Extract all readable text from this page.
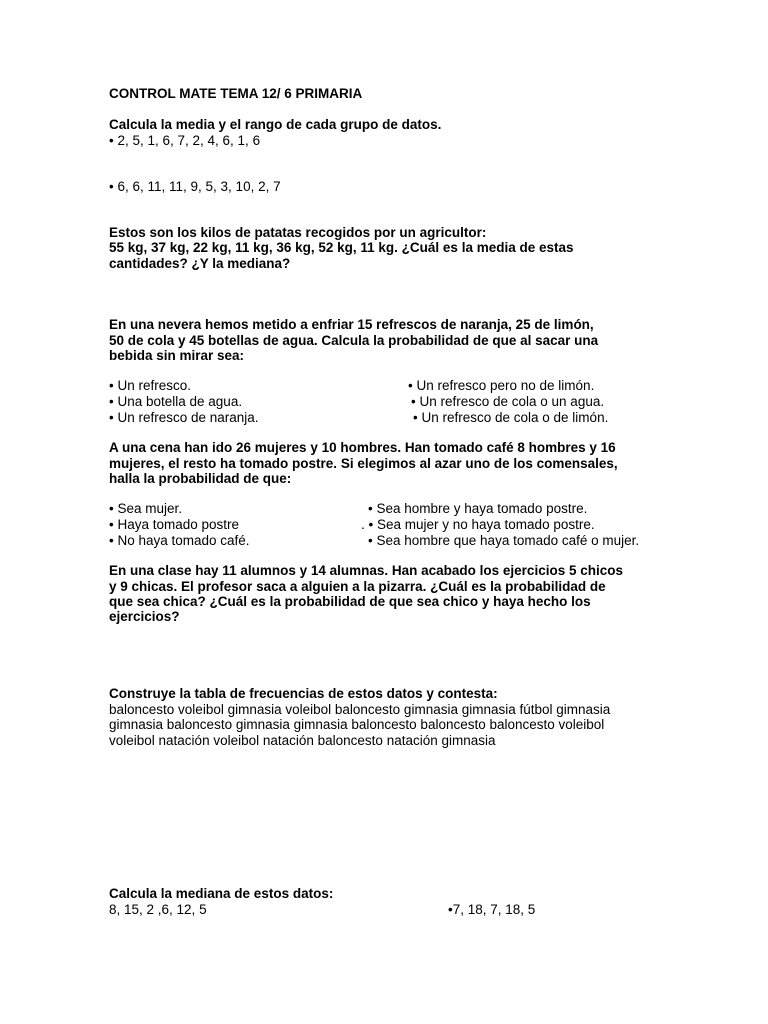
CONTROL MATE TEMA 12/ 6 PRIMARIA
Calcula la media y el rango de cada grupo de datos.
• 2, 5, 1, 6, 7, 2, 4, 6, 1, 6
• 6, 6, 11, 11, 9, 5, 3, 10, 2, 7
Estos son los kilos de patatas recogidos por un agricultor:
55 kg, 37 kg, 22 kg, 11 kg, 36 kg, 52 kg, 11 kg. ¿Cuál es la media de estas
cantidades? ¿Y la mediana?
En una nevera hemos metido a enfriar 15 refrescos de naranja, 25 de limón,
50 de cola y 45 botellas de agua. Calcula la probabilidad de que al sacar una
bebida sin mirar sea:
• Un refresco.
• Una botella de agua.
• Un refresco de naranja.
• Un refresco pero no de limón.
• Un refresco de cola o un agua.
• Un refresco de cola o de limón.
A una cena han ido 26 mujeres y 10 hombres. Han tomado café 8 hombres y 16
mujeres, el resto ha tomado postre. Si elegimos al azar uno de los comensales,
halla la probabilidad de que:
• Sea mujer.
• Haya tomado postre
• No haya tomado café.
• Sea hombre y haya tomado postre.
. • Sea mujer y no haya tomado postre.
• Sea hombre que haya tomado café o mujer.
En una clase hay 11 alumnos y 14 alumnas. Han acabado los ejercicios 5 chicos
y 9 chicas. El profesor saca a alguien a la pizarra. ¿Cuál es la probabilidad de
que sea chica? ¿Cuál es la probabilidad de que sea chico y haya hecho los
ejercicios?
Construye la tabla de frecuencias de estos datos y contesta:
baloncesto voleibol gimnasia voleibol baloncesto gimnasia gimnasia fútbol gimnasia
gimnasia baloncesto gimnasia gimnasia baloncesto baloncesto baloncesto voleibol
voleibol natación voleibol natación baloncesto natación gimnasia
Calcula la mediana de estos datos:
8, 15, 2 ,6, 12, 5	•7, 18, 7, 18, 5
